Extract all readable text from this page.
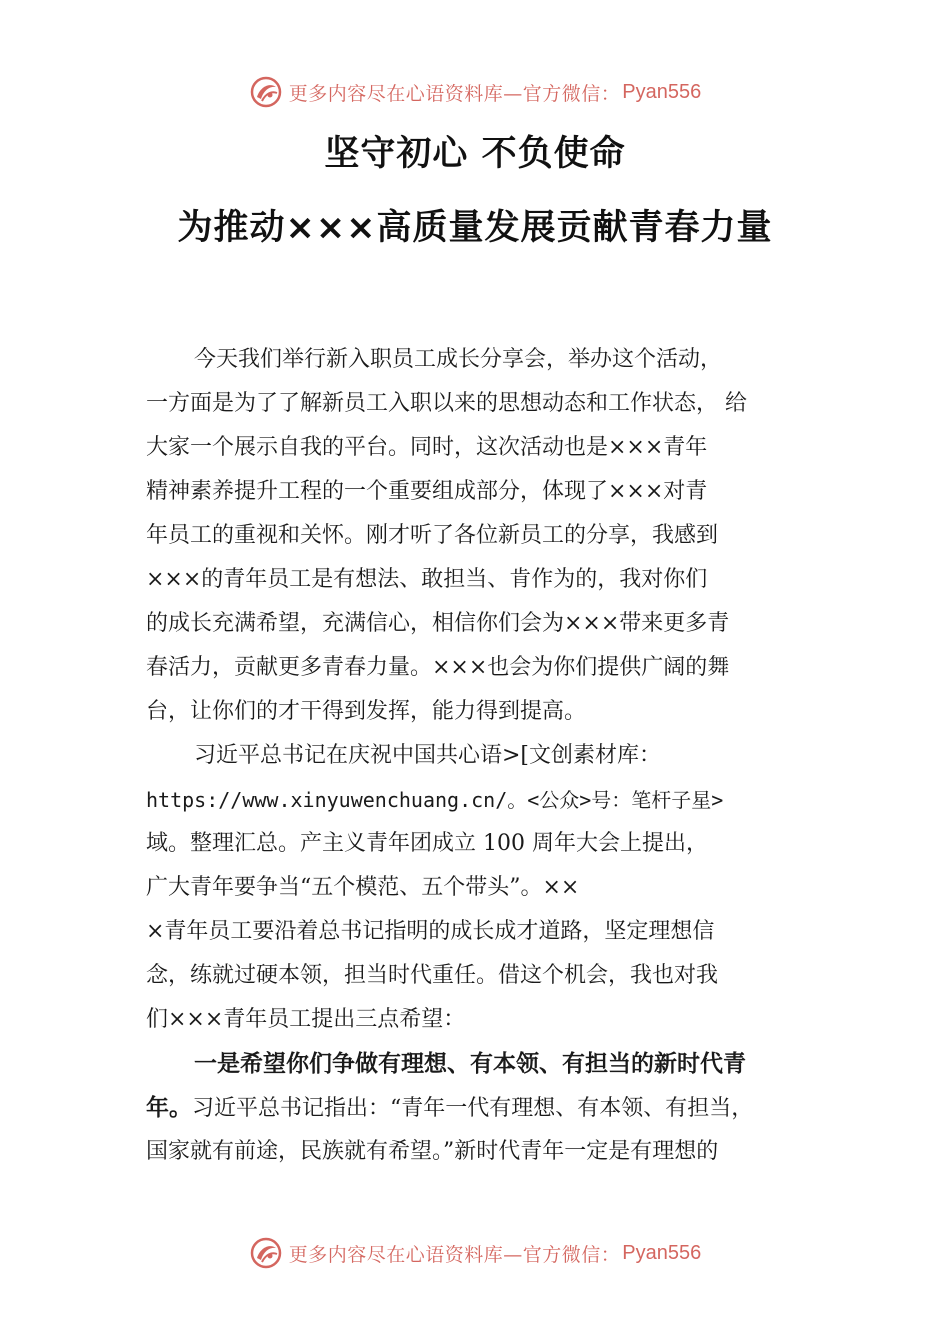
更多内容尽在心语资料库—官方微信： Pyan556
坚守初心 不负使命
为推动×××高质量发展贡献青春力量
今天我们举行新入职员工成长分享会，举办这个活动，
一方面是为了了解新员工入职以来的思想动态和工作状态， 给
大家一个展示自我的平台。同时，这次活动也是×××青年
精神素养提升工程的一个重要组成部分，体现了×××对青
年员工的重视和关怀。刚才听了各位新员工的分享，我感到
×××的青年员工是有想法、敢担当、肯作为的，我对你们
的成长充满希望，充满信心，相信你们会为×××带来更多青
春活力，贡献更多青春力量。×××也会为你们提供广阔的舞
台，让你们的才干得到发挥，能力得到提高。
习近平总书记在庆祝中国共心语>[文创素材库：
https://www.xinyuwenchuang.cn/。<公众>号：笔杆子星>
域。整理汇总。产主义青年团成立 100 周年大会上提出，
广大青年要争当“五个模范、五个带头”。××
×青年员工要沿着总书记指明的成长成才道路，坚定理想信
念，练就过硬本领，担当时代重任。借这个机会，我也对我
们×××青年员工提出三点希望：
一是希望你们争做有理想、有本领、有担当的新时代青
年。习近平总书记指出：“青年一代有理想、有本领、有担当，
国家就有前途，民族就有希望。”新时代青年一定是有理想的
更多内容尽在心语资料库—官方微信： Pyan556
